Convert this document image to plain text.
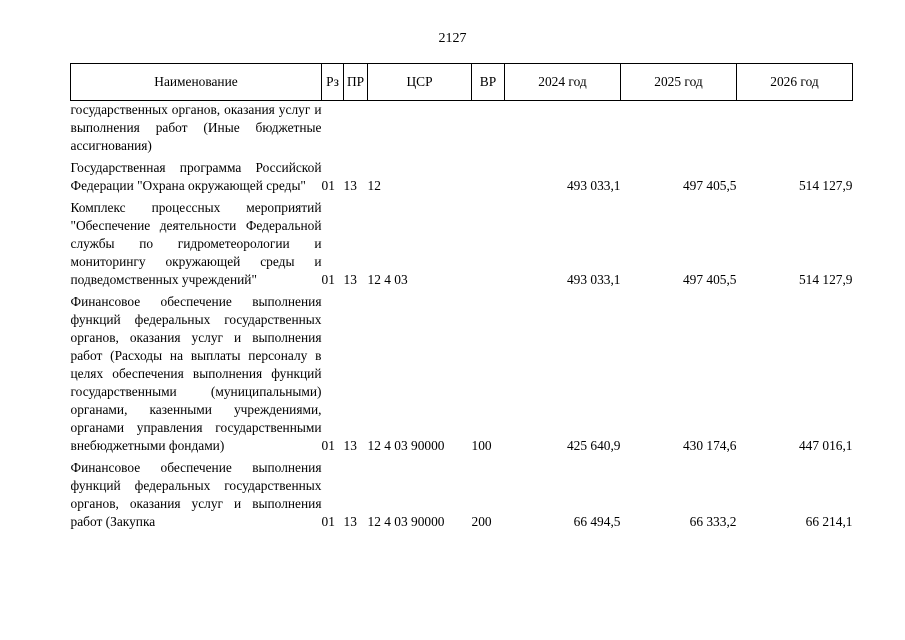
2127
Наименование	Рз	ПР	ЦСР	ВР	2024 год	2025 год	2026 год
государственных органов, оказания услуг и выполнения работ (Иные бюджетные ассигнования)							
Государственная программа Российской Федерации "Охрана окружающей среды"	01	13	12		493 033,1	497 405,5	514 127,9
Комплекс процессных мероприятий "Обеспечение деятельности Федеральной службы по гидрометеорологии и мониторингу окружающей среды и подведомственных учреждений"	01	13	12 4 03		493 033,1	497 405,5	514 127,9
Финансовое обеспечение выполнения функций федеральных государственных органов, оказания услуг и выполнения работ (Расходы на выплаты персоналу в целях обеспечения выполнения функций государственными (муниципальными) органами, казенными учреждениями, органами управления государственными внебюджетными фондами)	01	13	12 4 03 90000	100	425 640,9	430 174,6	447 016,1
Финансовое обеспечение выполнения функций федеральных государственных органов, оказания услуг и выполнения работ (Закупка	01	13	12 4 03 90000	200	66 494,5	66 333,2	66 214,1
